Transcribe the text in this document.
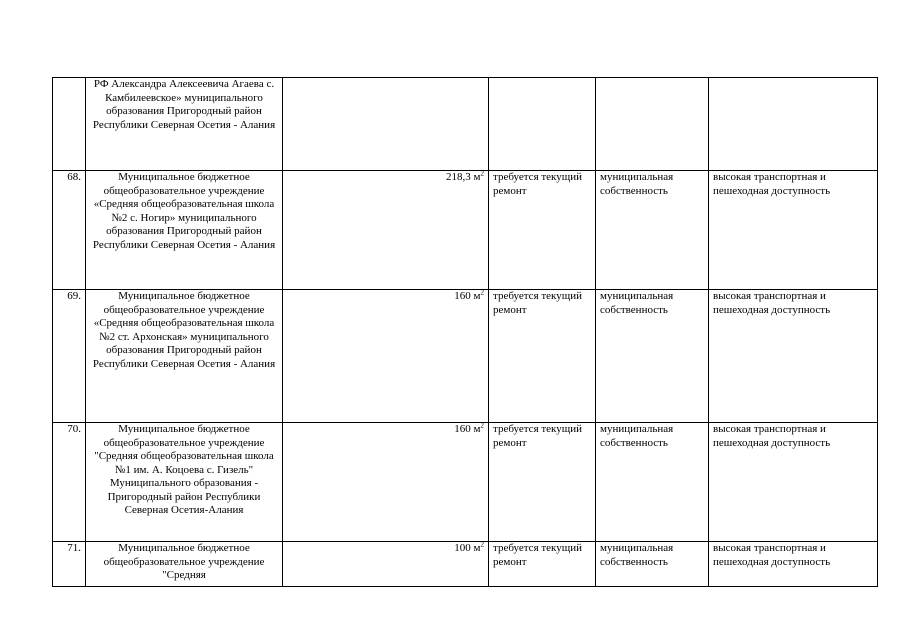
	РФ Александра Алексеевича Агаева с. Камбилеевское» муниципального образования Пригородный район Республики Северная Осетия - Алания				
68.	Муниципальное бюджетное общеобразовательное учреждение «Средняя общеобразовательная школа №2 с. Ногир» муниципального образования Пригородный район Республики Северная Осетия - Алания	218,3 $м^2$	требуется текущий ремонт	муниципальная собственность	высокая транспортная и пешеходная доступность
69.	Муниципальное бюджетное общеобразовательное учреждение «Средняя общеобразовательная школа №2 ст. Архонская» муниципального образования Пригородный район Республики Северная Осетия - Алания	160 $м^2$	требуется текущий ремонт	муниципальная собственность	высокая транспортная и пешеходная доступность
70.	Муниципальное бюджетное общеобразовательное учреждение "Средняя общеобразовательная школа №1 им. А. Коцоева с. Гизель" Муниципального образования - Пригородный район Республики Северная Осетия-Алания	160 $м^2$	требуется текущий ремонт	муниципальная собственность	высокая транспортная и пешеходная доступность
71.	Муниципальное бюджетное общеобразовательное учреждение "Средняя	100 $м^2$	требуется текущий ремонт	муниципальная собственность	высокая транспортная и пешеходная доступность
